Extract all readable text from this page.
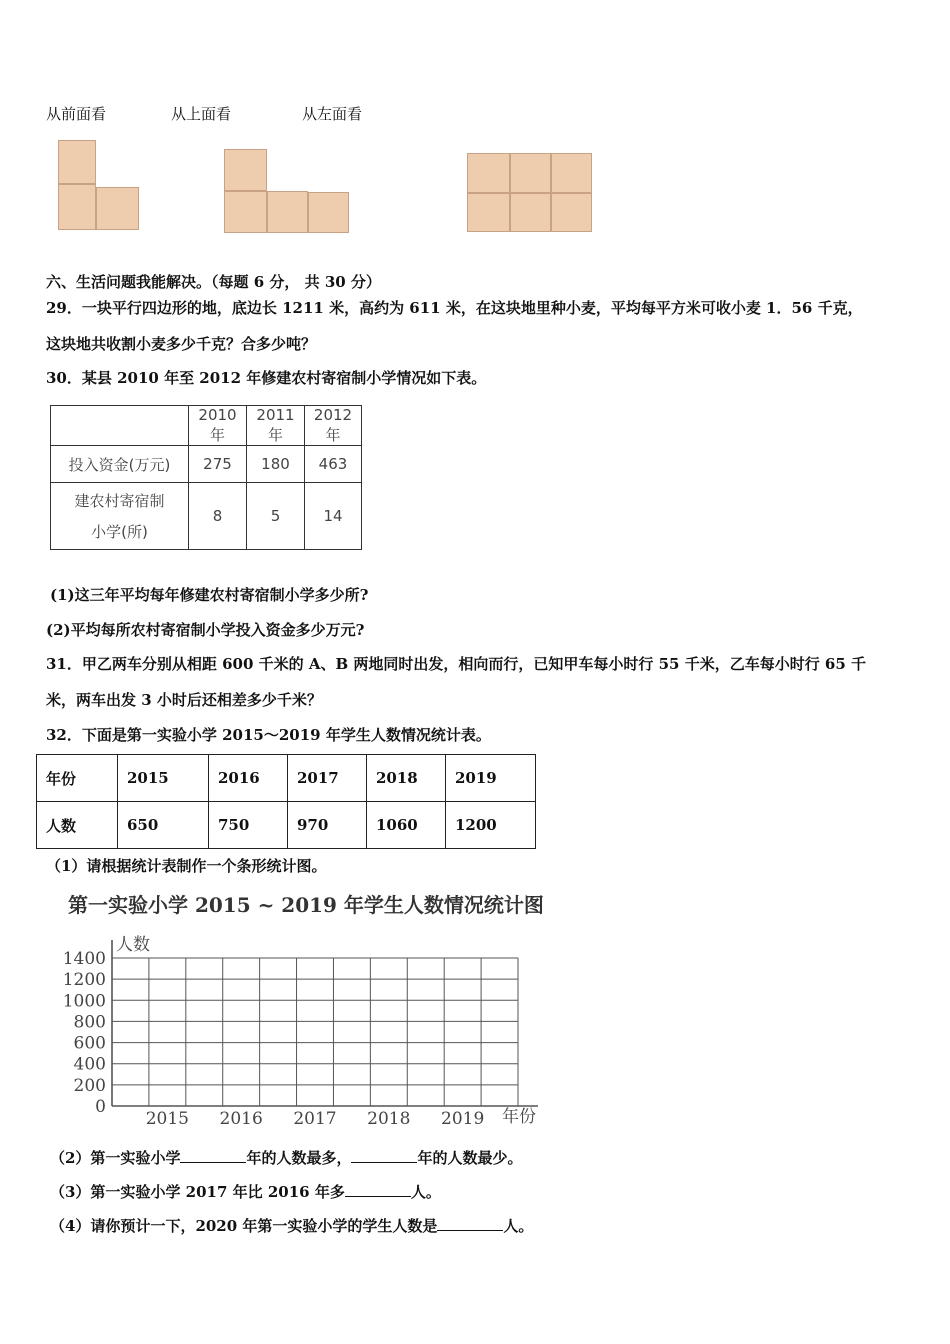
从前面看	从上面看	从左面看
六、生活问题我能解决。（每题 6 分， 共 30 分）
29．一块平行四边形的地，底边长 1211 米，高约为 611 米，在这块地里种小麦，平均每平方米可收小麦 1．56 千克，
这块地共收割小麦多少千克？合多少吨？
30．某县 2010 年至 2012 年修建农村寄宿制小学情况如下表。
	2010 年	2011 年	2012 年
投入资金(万元)	275	180	463

建农村寄宿制
小学(所)	8	5	14
(1)这三年平均每年修建农村寄宿制小学多少所?
(2)平均每所农村寄宿制小学投入资金多少万元?
31．甲乙两车分别从相距 600 千米的 A、B 两地同时出发，相向而行，已知甲车每小时行 55 千米，乙车每小时行 65 千
米，两车出发 3 小时后还相差多少千米？
32．下面是第一实验小学 2015～2019 年学生人数情况统计表。
年份	2015	2016	2017	2018	2019
人数	650	750	970	1060	1200
（1）请根据统计表制作一个条形统计图。
第一实验小学 2015 ~ 2019 年学生人数情况统计图
0
200
400
600
800
1000
1200
1400
2015 2016 2017 2018 2019
人数
年份
（2）第一实验小学	年的人数最多，	年的人数最少。
（3）第一实验小学 2017 年比 2016 年多	人。
（4）请你预计一下，2020 年第一实验小学的学生人数是	人。
